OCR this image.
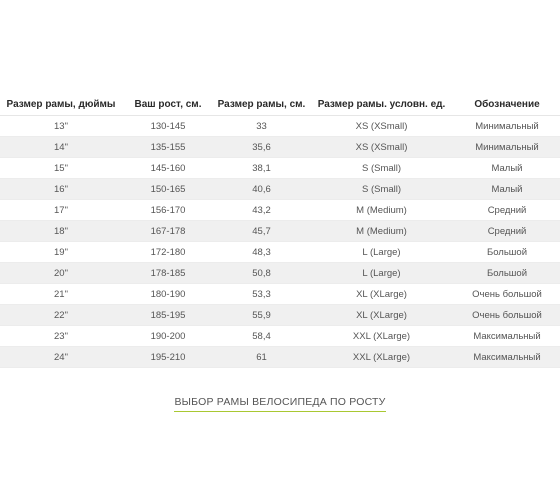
Размер рамы, дюймы	Ваш рост, см.	Размер рамы, см.	Размер рамы. условн. ед.	Обозначение
13"	130-145	33	XS (XSmall)	Минимальный
14"	135-155	35,6	XS (XSmall)	Минимальный
15"	145-160	38,1	S (Small)	Малый
16"	150-165	40,6	S (Small)	Малый
17"	156-170	43,2	M (Medium)	Средний
18"	167-178	45,7	M (Medium)	Средний
19"	172-180	48,3	L (Large)	Большой
20"	178-185	50,8	L (Large)	Большой
21"	180-190	53,3	XL (XLarge)	Очень большой
22"	185-195	55,9	XL (XLarge)	Очень большой
23"	190-200	58,4	XXL (XLarge)	Максимальный
24"	195-210	61	XXL (XLarge)	Максимальный
ВЫБОР РАМЫ ВЕЛОСИПЕДА ПО РОСТУ
